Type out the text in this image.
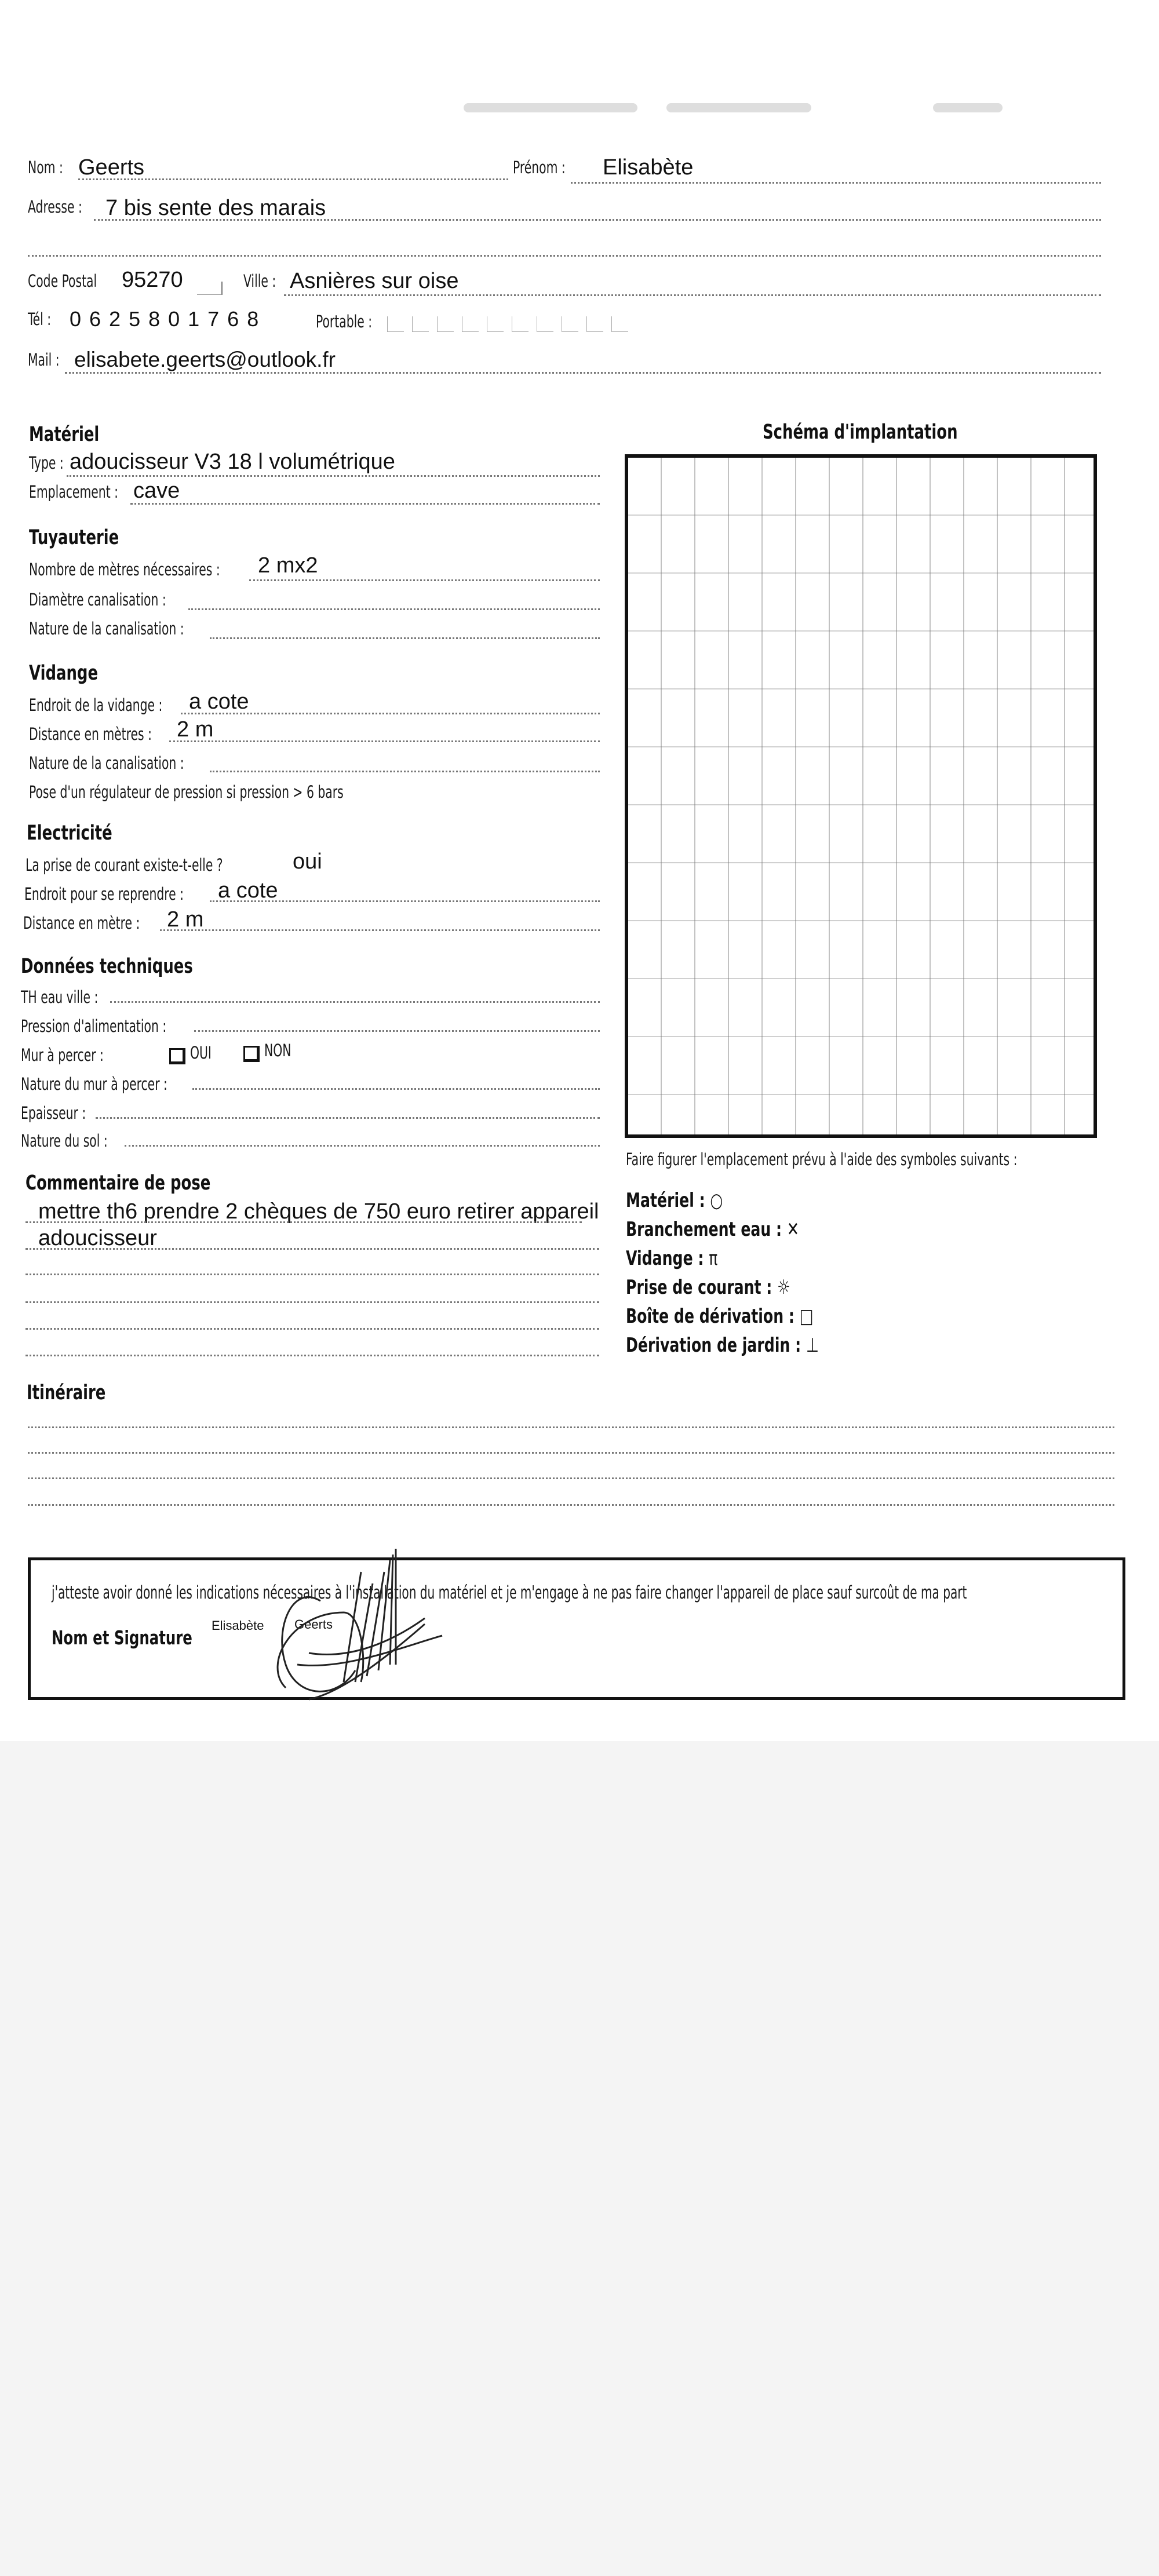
Nom : Geerts	Prénom : Elisabète
Adresse : 7 bis sente des marais
Code Postal 95270	Ville : Asnières sur oise
Tél : 0625801768	Portable :
Mail : elisabete.geerts@outlook.fr
Matériel
Type : adoucisseur V3 18 l volumétrique
Emplacement : cave
Tuyauterie
Nombre de mètres nécessaires : 2 mx2
Diamètre canalisation :
Nature de la canalisation :
Vidange
Endroit de la vidange : a cote
Distance en mètres : 2 m
Nature de la canalisation :
Pose d'un régulateur de pression si pression > 6 bars
Electricité
La prise de courant existe-t-elle ?	oui
Endroit pour se reprendre : a cote
Distance en mètre : 2 m
Données techniques
TH eau ville :
Pression d'alimentation :
Mur à percer :	OUI	NON
Nature du mur à percer :
Epaisseur :
Nature du sol :
Commentaire de pose
mettre th6 prendre 2 chèques de 750 euro retirer appareil
adoucisseur
Itinéraire
Schéma d'implantation
Faire figurer l'emplacement prévu à l'aide des symboles suivants :
Matériel : ○
Branchement eau : ✕
Vidange : π
Prise de courant : ☼
Boîte de dérivation : □
Dérivation de jardin : ⊥
j'atteste avoir donné les indications nécessaires à l'installation du matériel et je m'engage à ne pas faire changer l'appareil de place sauf surcoût de ma part
Nom et Signature
Elisabète Geerts
